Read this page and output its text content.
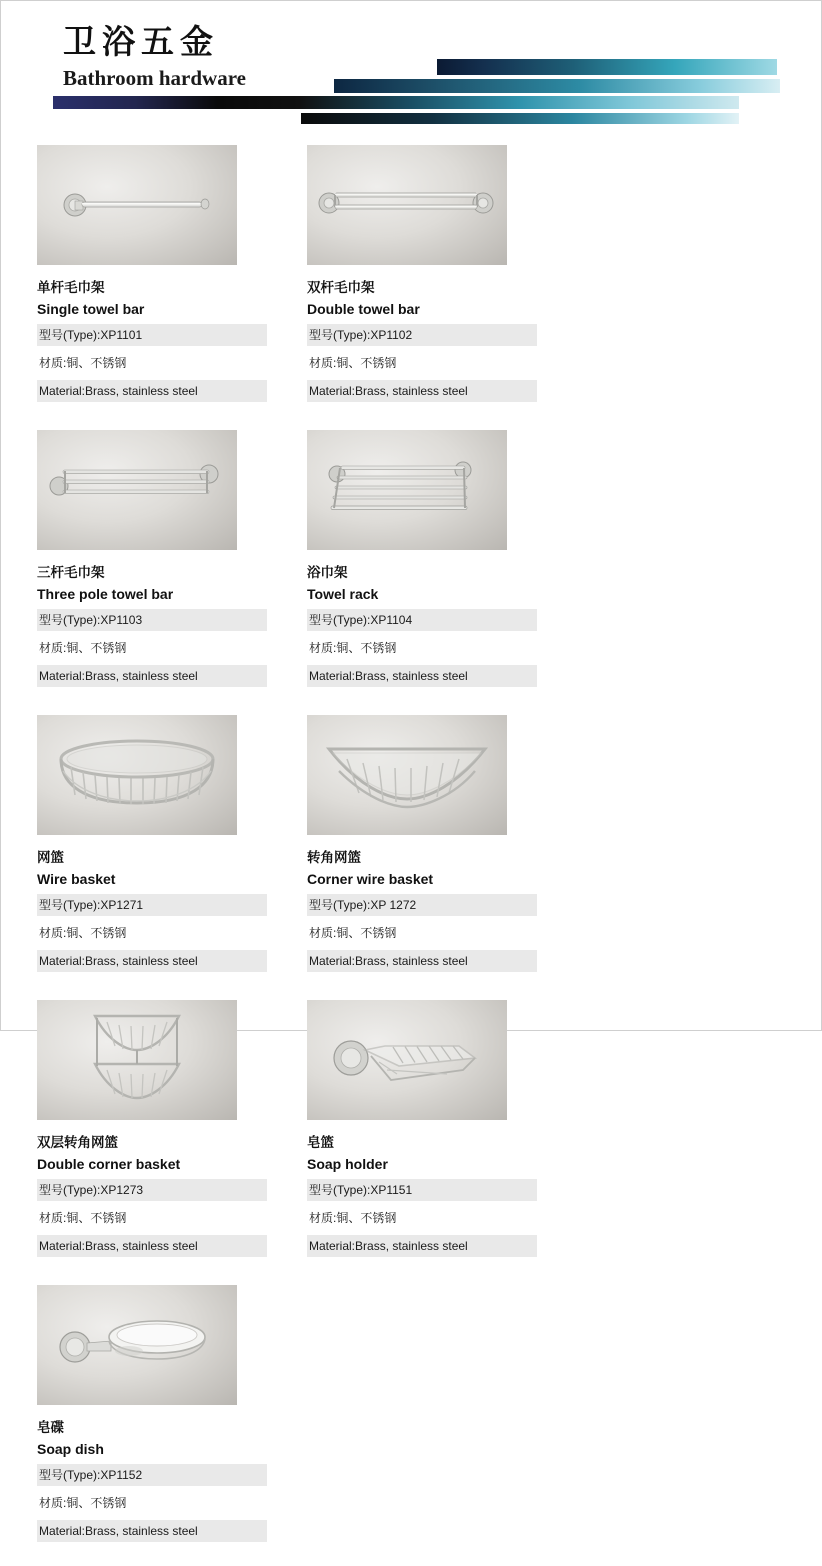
卫浴五金
Bathroom hardware
单杆毛巾架
Single towel bar
型号(Type):XP1101
材质:铜、不锈钢
Material:Brass, stainless steel
双杆毛巾架
Double towel bar
型号(Type):XP1102
材质:铜、不锈钢
Material:Brass, stainless steel
三杆毛巾架
Three pole towel bar
型号(Type):XP1103
材质:铜、不锈钢
Material:Brass, stainless steel
浴巾架
Towel rack
型号(Type):XP1104
材质:铜、不锈钢
Material:Brass, stainless steel
网篮
Wire basket
型号(Type):XP1271
材质:铜、不锈钢
Material:Brass, stainless steel
转角网篮
Corner wire basket
型号(Type):XP 1272
材质:铜、不锈钢
Material:Brass, stainless steel
双层转角网篮
Double corner basket
型号(Type):XP1273
材质:铜、不锈钢
Material:Brass, stainless steel
皂篮
Soap holder
型号(Type):XP1151
材质:铜、不锈钢
Material:Brass, stainless steel
皂碟
Soap dish
型号(Type):XP1152
材质:铜、不锈钢
Material:Brass, stainless steel
